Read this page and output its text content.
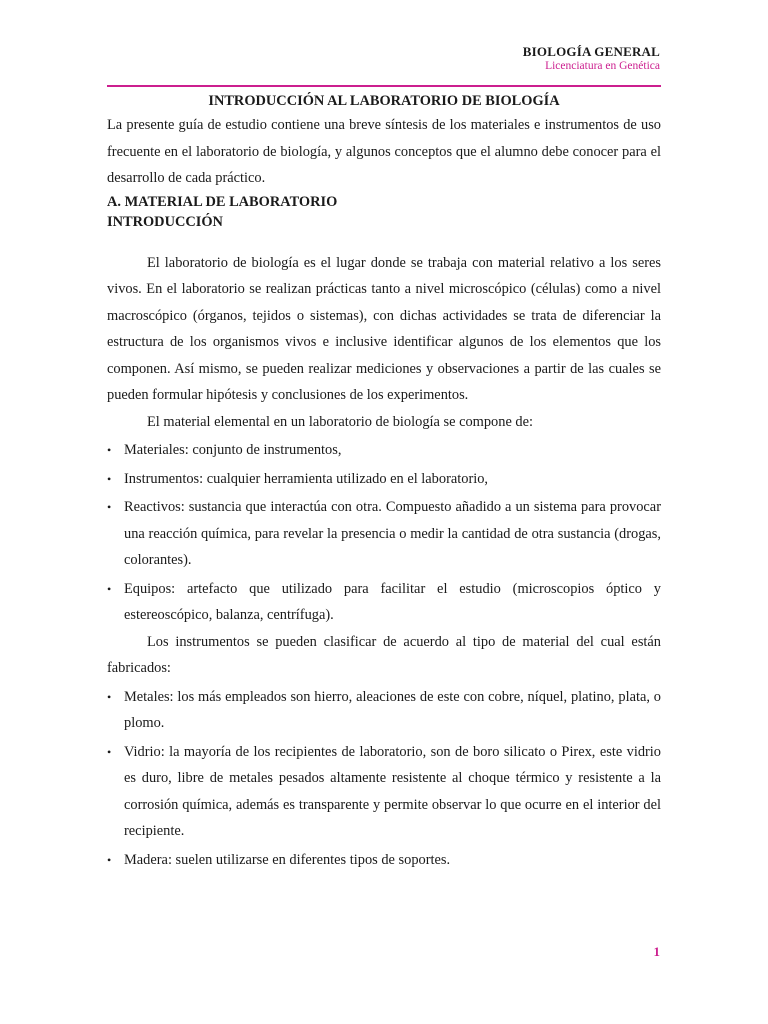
BIOLOGÍA GENERAL
Licenciatura en Genética

INTRODUCCIÓN AL LABORATORIO DE BIOLOGÍA

La presente guía de estudio contiene una breve síntesis de los materiales e instrumentos de uso frecuente en el laboratorio de biología, y algunos conceptos que el alumno debe conocer para el desarrollo de cada práctico.

A. MATERIAL DE LABORATORIO

INTRODUCCIÓN

El laboratorio de biología es el lugar donde se trabaja con material relativo a los seres vivos. En el laboratorio se realizan prácticas tanto a nivel microscópico (células) como a nivel macroscópico (órganos, tejidos o sistemas), con dichas actividades se trata de diferenciar la estructura de los organismos vivos e inclusive identificar algunos de los elementos que los componen. Así mismo, se pueden realizar mediciones y observaciones a partir de las cuales se pueden formular hipótesis y conclusiones de los experimentos.

El material elemental en un laboratorio de biología se compone de:

• Materiales: conjunto de instrumentos,
• Instrumentos: cualquier herramienta utilizado en el laboratorio,
• Reactivos: sustancia que interactúa con otra. Compuesto añadido a un sistema para provocar una reacción química, para revelar la presencia o medir la cantidad de otra sustancia (drogas, colorantes).
• Equipos: artefacto que utilizado para facilitar el estudio (microscopios óptico y estereoscópico, balanza, centrífuga).

Los instrumentos se pueden clasificar de acuerdo al tipo de material del cual están fabricados:

• Metales: los más empleados son hierro, aleaciones de este con cobre, níquel, platino, plata, o plomo.
• Vidrio: la mayoría de los recipientes de laboratorio, son de boro silicato o Pirex, este vidrio es duro, libre de metales pesados altamente resistente al choque térmico y resistente a la corrosión química, además es transparente y permite observar lo que ocurre en el interior del recipiente.
• Madera: suelen utilizarse en diferentes tipos de soportes.
1
